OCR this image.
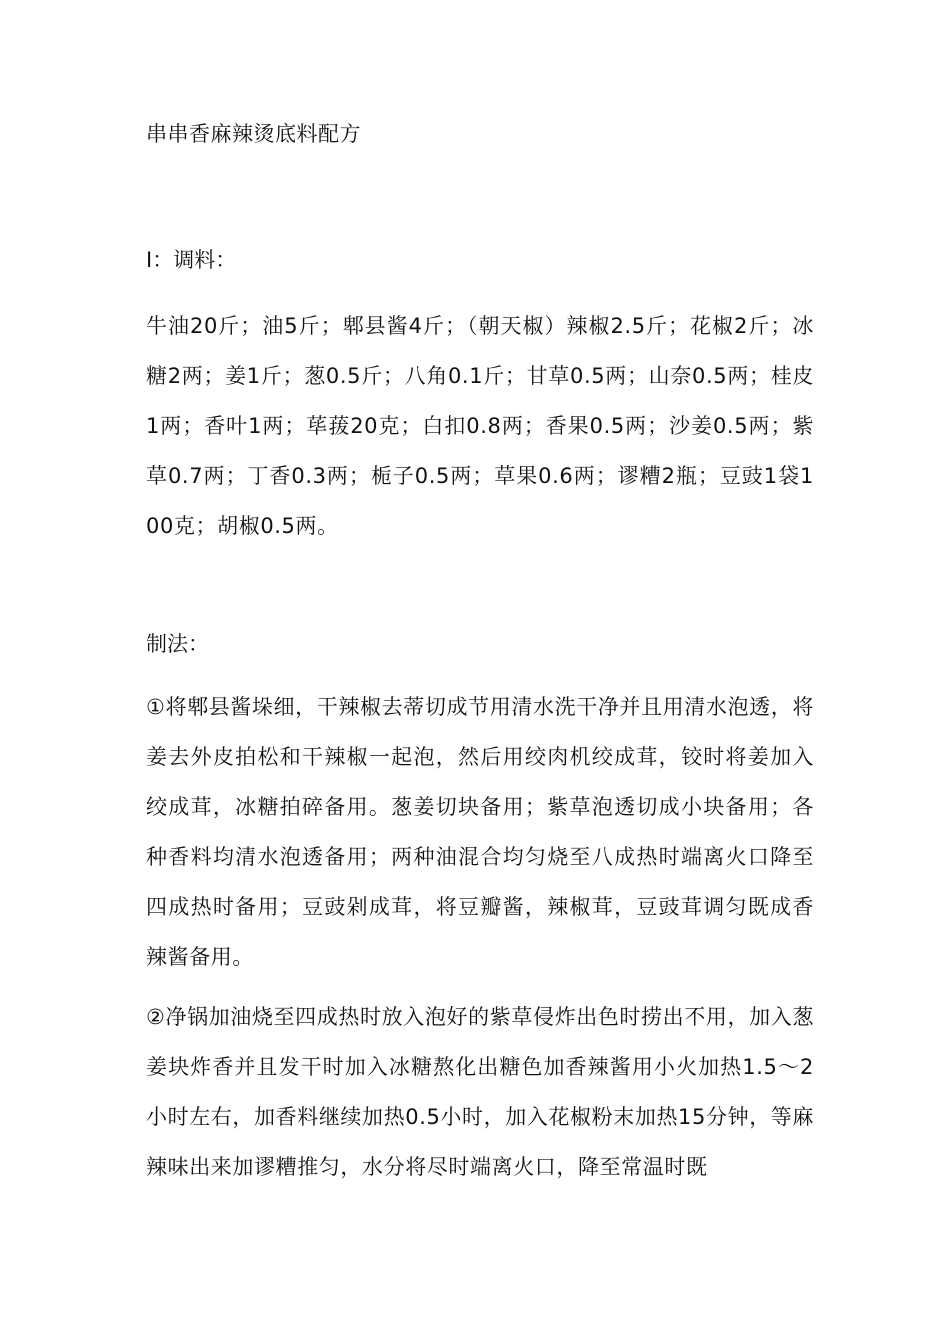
串串香麻辣烫底料配方
Ⅰ：调料：

牛油20斤；油5斤；郫县酱4斤；（朝天椒）辣椒2.5斤；花椒2斤；冰糖2两；姜1斤；葱0.5斤；八角0.1斤；甘草0.5两；山奈0.5两；桂皮1两；香叶1两；荜菝20克；白扣0.8两；香果0.5两；沙姜0.5两；紫草0.7两；丁香0.3两；栀子0.5两；草果0.6两；谬糟2瓶；豆豉1袋100克；胡椒0.5两。

制法：

①将郫县酱垛细，干辣椒去蒂切成节用清水洗干净并且用清水泡透，将姜去外皮拍松和干辣椒一起泡，然后用绞肉机绞成茸，铰时将姜加入绞成茸，冰糖拍碎备用。葱姜切块备用；紫草泡透切成小块备用；各种香料均清水泡透备用；两种油混合均匀烧至八成热时端离火口降至四成热时备用；豆豉剁成茸，将豆瓣酱，辣椒茸，豆豉茸调匀既成香辣酱备用。

②净锅加油烧至四成热时放入泡好的紫草侵炸出色时捞出不用，加入葱姜块炸香并且发干时加入冰糖熬化出糖色加香辣酱用小火加热1.5～2小时左右，加香料继续加热0.5小时，加入花椒粉末加热15分钟，等麻辣味出来加谬糟推匀，水分将尽时端离火口，降至常温时既
